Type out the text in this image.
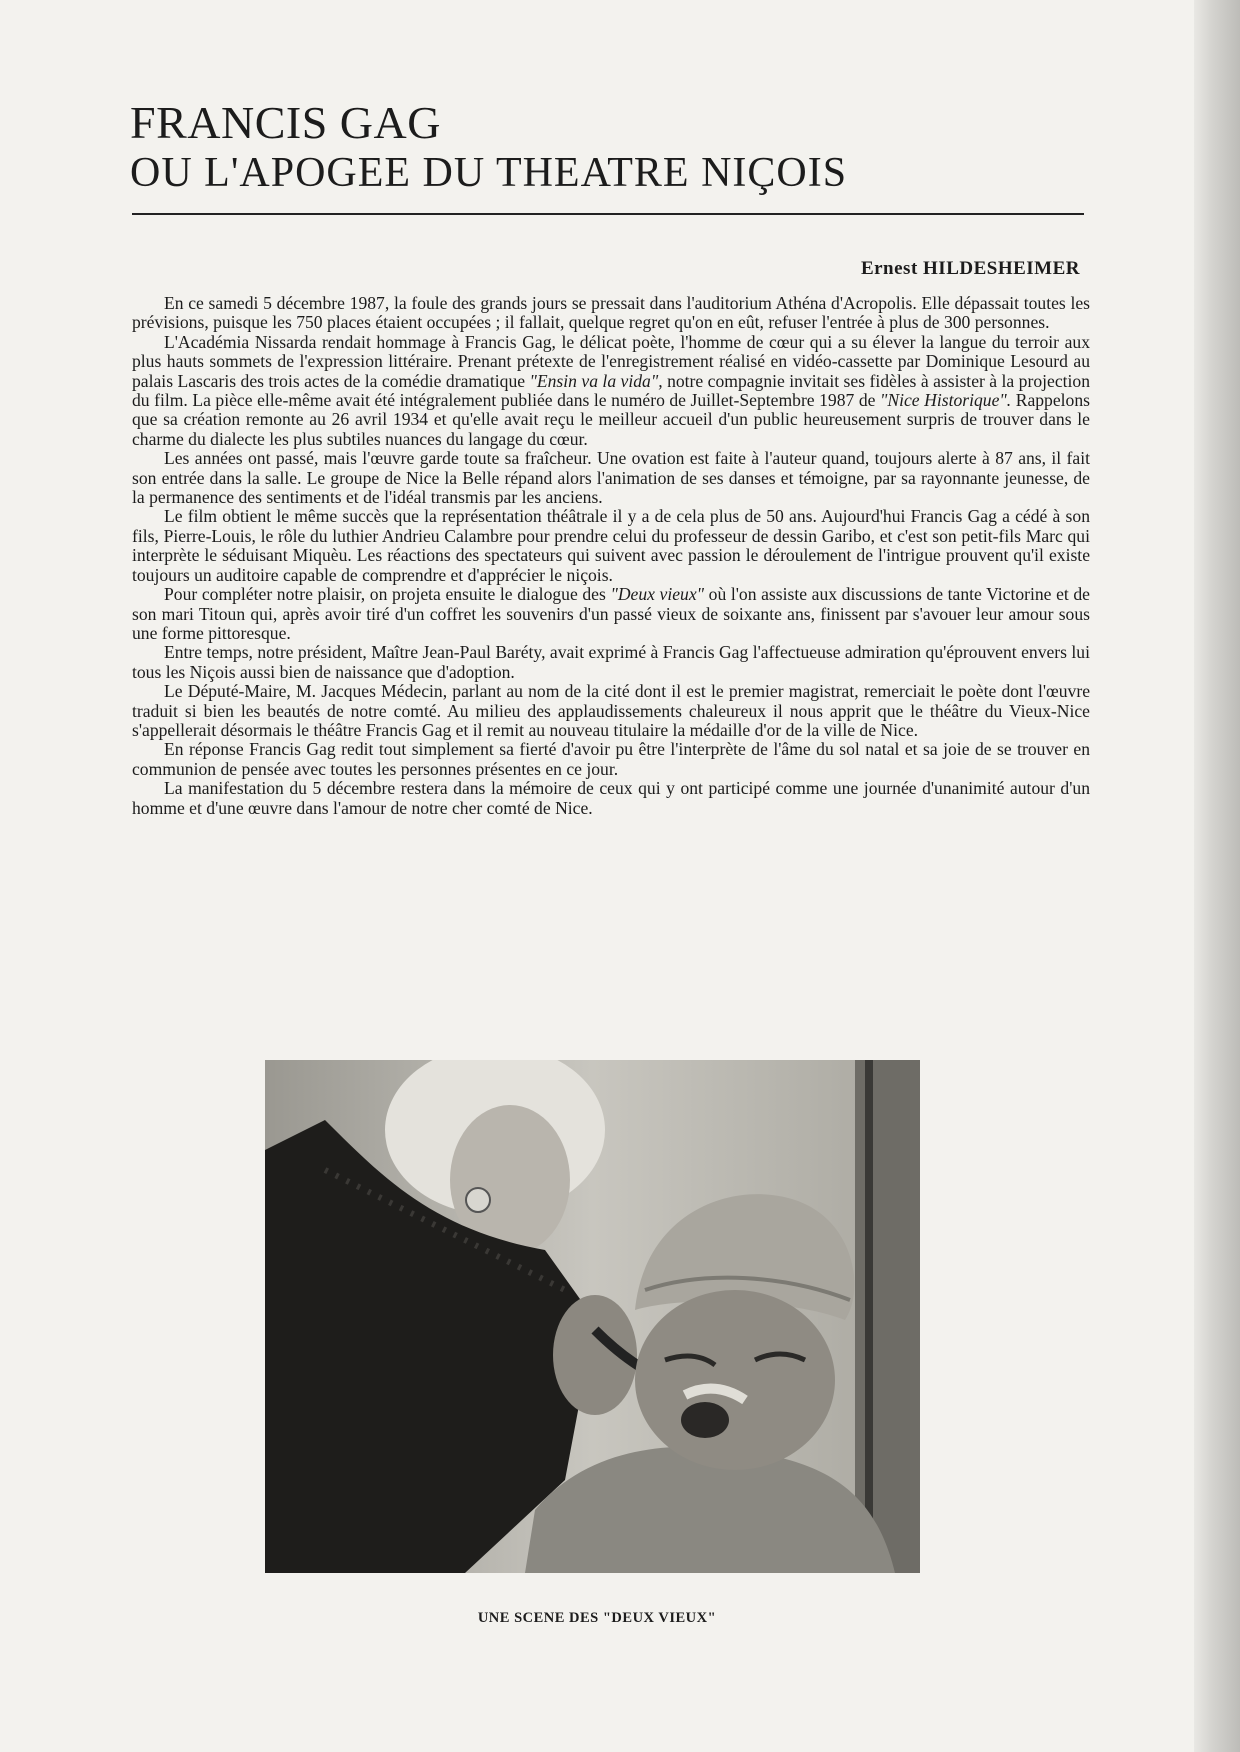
FRANCIS GAG
OU L'APOGEE DU THEATRE NIÇOIS
Ernest HILDESHEIMER

En ce samedi 5 décembre 1987, la foule des grands jours se pressait dans l'auditorium Athéna d'Acropolis. Elle dépassait toutes les prévisions, puisque les 750 places étaient occupées ; il fallait, quelque regret qu'on en eût, refuser l'entrée à plus de 300 personnes.

L'Académia Nissarda rendait hommage à Francis Gag, le délicat poète, l'homme de cœur qui a su élever la langue du terroir aux plus hauts sommets de l'expression littéraire. Prenant prétexte de l'enregistrement réalisé en vidéo-cassette par Dominique Lesourd au palais Lascaris des trois actes de la comédie dramatique "Ensin va la vida", notre compagnie invitait ses fidèles à assister à la projection du film. La pièce elle-même avait été intégralement publiée dans le numéro de Juillet-Septembre 1987 de "Nice Historique". Rappelons que sa création remonte au 26 avril 1934 et qu'elle avait reçu le meilleur accueil d'un public heureusement surpris de trouver dans le charme du dialecte les plus subtiles nuances du langage du cœur.

Les années ont passé, mais l'œuvre garde toute sa fraîcheur. Une ovation est faite à l'auteur quand, toujours alerte à 87 ans, il fait son entrée dans la salle. Le groupe de Nice la Belle répand alors l'animation de ses danses et témoigne, par sa rayonnante jeunesse, de la permanence des sentiments et de l'idéal transmis par les anciens.

Le film obtient le même succès que la représentation théâtrale il y a de cela plus de 50 ans. Aujourd'hui Francis Gag a cédé à son fils, Pierre-Louis, le rôle du luthier Andrieu Calambre pour prendre celui du professeur de dessin Garibo, et c'est son petit-fils Marc qui interprète le séduisant Miquèu. Les réactions des spectateurs qui suivent avec passion le déroulement de l'intrigue prouvent qu'il existe toujours un auditoire capable de comprendre et d'apprécier le niçois.

Pour compléter notre plaisir, on projeta ensuite le dialogue des "Deux vieux" où l'on assiste aux discussions de tante Victorine et de son mari Titoun qui, après avoir tiré d'un coffret les souvenirs d'un passé vieux de soixante ans, finissent par s'avouer leur amour sous une forme pittoresque.

Entre temps, notre président, Maître Jean-Paul Baréty, avait exprimé à Francis Gag l'affectueuse admiration qu'éprouvent envers lui tous les Niçois aussi bien de naissance que d'adoption.

Le Député-Maire, M. Jacques Médecin, parlant au nom de la cité dont il est le premier magistrat, remerciait le poète dont l'œuvre traduit si bien les beautés de notre comté. Au milieu des applaudissements chaleureux il nous apprit que le théâtre du Vieux-Nice s'appellerait désormais le théâtre Francis Gag et il remit au nouveau titulaire la médaille d'or de la ville de Nice.

En réponse Francis Gag redit tout simplement sa fierté d'avoir pu être l'interprète de l'âme du sol natal et sa joie de se trouver en communion de pensée avec toutes les personnes présentes en ce jour.

La manifestation du 5 décembre restera dans la mémoire de ceux qui y ont participé comme une journée d'unanimité autour d'un homme et d'une œuvre dans l'amour de notre cher comté de Nice.

UNE SCENE DES "DEUX VIEUX"
